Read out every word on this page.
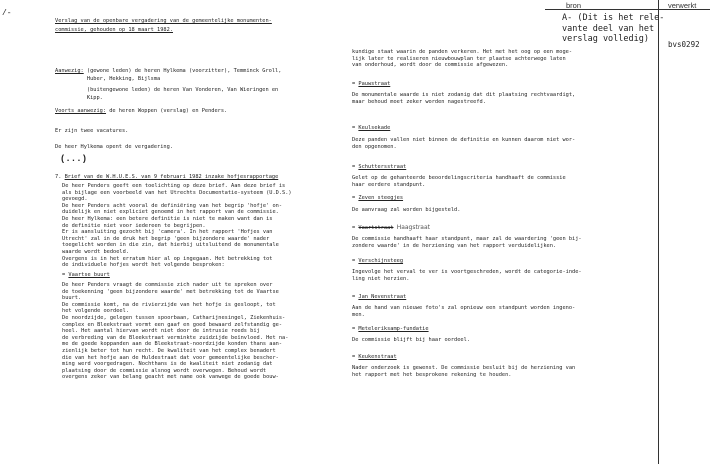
/-
bron	verwerkt
A- (Dit is het rele-
vante deel van het
verslag volledig)
bvs0292
Verslag van de openbare vergadering van de gemeentelijke monumenten-
commissie, gehouden op 18 maart 1982.
Aanwezig: (gewone leden) de heren Hylkema (voorzitter), Temminck Groll,
Huber, Hekking, Bijlsma
(buitengewone leden) de heren Van Vonderen, Van Wieringen en
Kipp.
Voorts aanwezig: de heren Woppen (verslag) en Penders.
Er zijn twee vacatures.
De heer Hylkema opent de vergadering.
(...)
7. Brief van de W.H.U.E.S. van 9 februari 1982 inzake hofjesrapportage
De heer Penders geeft een toelichting op deze brief. Aan deze brief is
als bijlage een voorbeeld van het Utrechts Documentatie-systeem (U.D.S.)
gevoegd.
De heer Penders acht vooral de definiëring van het begrip 'hofje' on-
duidelijk en niet expliciet genoemd in het rapport van de commissie.
De heer Hylkema: een betere definitie is niet te maken want dan is
de definitie niet voor iedereen te begrijpen.
Er is aansluiting gezocht bij 'camera'. In het rapport 'Hofjes van
Utrecht' zal in de druk het begrip 'geen bijzondere waarde' nader
toegelicht worden in die zin, dat hierbij uitsluitend de monumentale
waarde wordt bedoeld.
Overgens is in het erratum hier al op ingegaan. Het betrekking tot
de individuele hofjes wordt het volgende besproken:
= Vaartse buurt
De heer Penders vraagt de commissie zich nader uit te spreken over
de toekenning 'geen bijzondere waarde' met betrekking tot de Vaartse
buurt.
De commissie komt, na de rivierzijde van het hofje is gesloopt, tot
het volgende oordeel.
De noordzijde, gelegen tussen spoorbaan, Catharijnesingel, Ziekenhuis-
complex en Bleekstraat vormt een gaaf en goed bewaard zelfstandig ge-
heel. Het aantal hiervan wordt niet door de intrusie reeds bij
de verbreding van de Bleekstraat verminkte zuidzijde beïnvloed. Het na-
me de goede koppanden aan de Bleekstraat-noordzijde konden thans aan-
zienlijk beter tot hun recht. De kwaliteit van het complex benadert
die van het hofje aan de Huldestraat dat voor gemeentelijke bescher-
ming werd voorgedragen. Nochthans is de kwaliteit niet zodanig dat
plaatsing door de commissie alsnog wordt overwogen. Behoud wordt
overgens zeker van belang geacht met name ook vanwege de goede bouw-
kundige staat waarin de panden verkeren. Het met het oog op een moge-
lijk later te realiseren nieuwbouwplan ter plaatse achterwege laten
van onderhoud, wordt door de commissie afgewezen.
= Pauwstraat
De monumentale waarde is niet zodanig dat dit plaatsing rechtvaardigt,
maar behoud moet zeker worden nagestreefd.
= Keulsekade
Deze panden vallen niet binnen de definitie en kunnen daarom niet wor-
den opgenomen.
= Schuttersstraat
Gelet op de gehanteerde beoordelingscriteria handhaaft de commissie
haar eerdere standpunt.
= Zeven steegjes
De aanvraag zal worden bijgesteld.
= Vaartstraat Haagstraat
De commissie handhaaft haar standpunt, maar zal de waardering 'geen bij-
zondere waarde' in de herziening van het rapport verduidelijken.
= Verschijnsteeg
Ingevolge het verval te ver is voortgeschreden, wordt de categorie-inde-
ling niet herzien.
= Jan Nevenstraat
Aan de hand van nieuwe foto's zal opnieuw een standpunt worden ingeno-
men.
= Meteleriksamp-fundatie
De commissie blijft bij haar oordeel.
= Keukenstraat
Nader onderzoek is gewenst. De commissie besluit bij de herziening van
het rapport met het besprokene rekening te houden.
